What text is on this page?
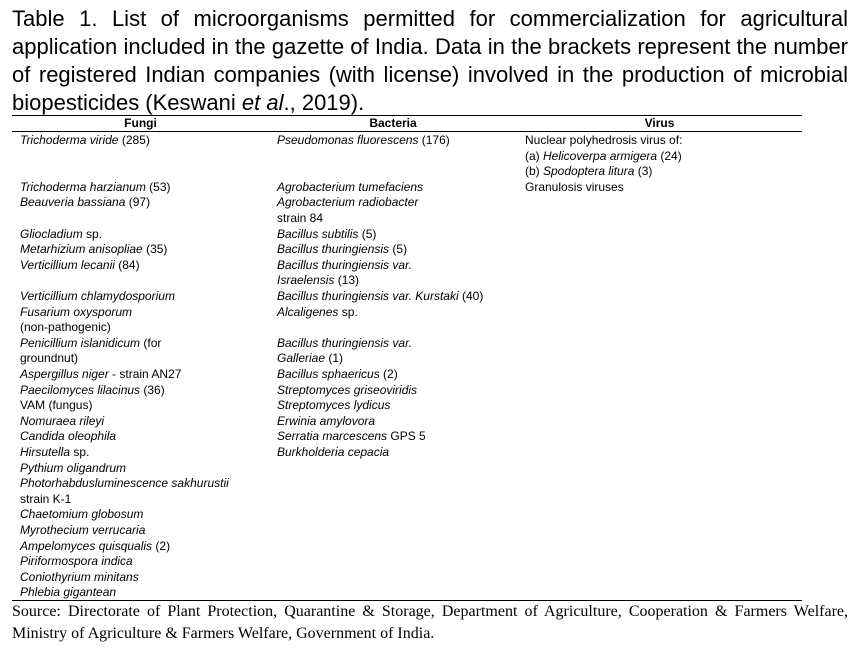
Table 1. List of microorganisms permitted for commercialization for agricultural application included in the gazette of India. Data in the brackets represent the number of registered Indian companies (with license) involved in the production of microbial biopesticides (Keswani et al., 2019).
Fungi	Bacteria	Virus
Trichoderma viride (285)
Trichoderma harzianum (53)
Beauveria bassiana (97)
Gliocladium sp.
Metarhizium anisopliae (35)
Verticillium lecanii (84)
Verticillium chlamydosporium
Fusarium oxysporum
(non-pathogenic)
Penicillium islanidicum (for
groundnut)
Aspergillus niger - strain AN27
Paecilomyces lilacinus (36)
VAM (fungus)
Nomuraea rileyi
Candida oleophila
Hirsutella sp.
Pythium oligandrum
Photorhabdusluminescence sakhurustii
strain K-1
Chaetomium globosum
Myrothecium verrucaria
Ampelomyces quisqualis (2)
Piriformospora indica
Coniothyrium minitans
Phlebia gigantean
Pseudomonas fluorescens (176)
Agrobacterium tumefaciens
Agrobacterium radiobacter
strain 84
Bacillus subtilis (5)
Bacillus thuringiensis (5)
Bacillus thuringiensis var.
Israelensis (13)
Bacillus thuringiensis var. Kurstaki (40)
Alcaligenes sp.
Bacillus thuringiensis var.
Galleriae (1)
Bacillus sphaericus (2)
Streptomyces griseoviridis
Streptomyces lydicus
Erwinia amylovora
Serratia marcescens GPS 5
Burkholderia cepacia
Nuclear polyhedrosis virus of:
(a) Helicoverpa armigera (24)
(b) Spodoptera litura (3)
Granulosis viruses
Source: Directorate of Plant Protection, Quarantine & Storage, Department of Agriculture, Cooperation & Farmers Welfare, Ministry of Agriculture & Farmers Welfare, Government of India.
